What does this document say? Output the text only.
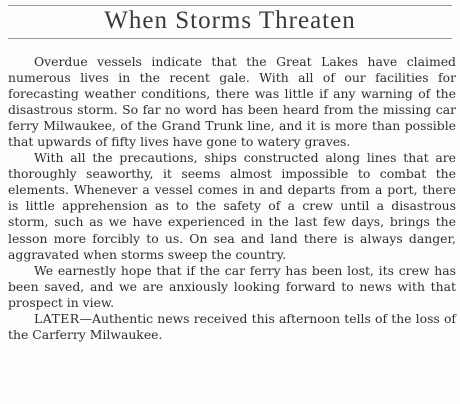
When Storms Threaten

Overdue vessels indicate that the Great Lakes have claimed numerous lives in the recent gale. With all of our facilities for forecasting weather conditions, there was little if any warning of the disastrous storm. So far no word has been heard from the missing car ferry Milwaukee, of the Grand Trunk line, and it is more than possible that upwards of fifty lives have gone to watery graves.

With all the precautions, ships constructed along lines that are thoroughly seaworthy, it seems almost impossible to combat the elements. Whenever a vessel comes in and departs from a port, there is little apprehension as to the safety of a crew until a disastrous storm, such as we have experienced in the last few days, brings the lesson more forcibly to us. On sea and land there is always danger, aggravated when storms sweep the country.

We earnestly hope that if the car ferry has been lost, its crew has been saved, and we are anxiously looking forward to news with that prospect in view.

LATER—Authentic news received this afternoon tells of the loss of the Carferry Milwaukee.
